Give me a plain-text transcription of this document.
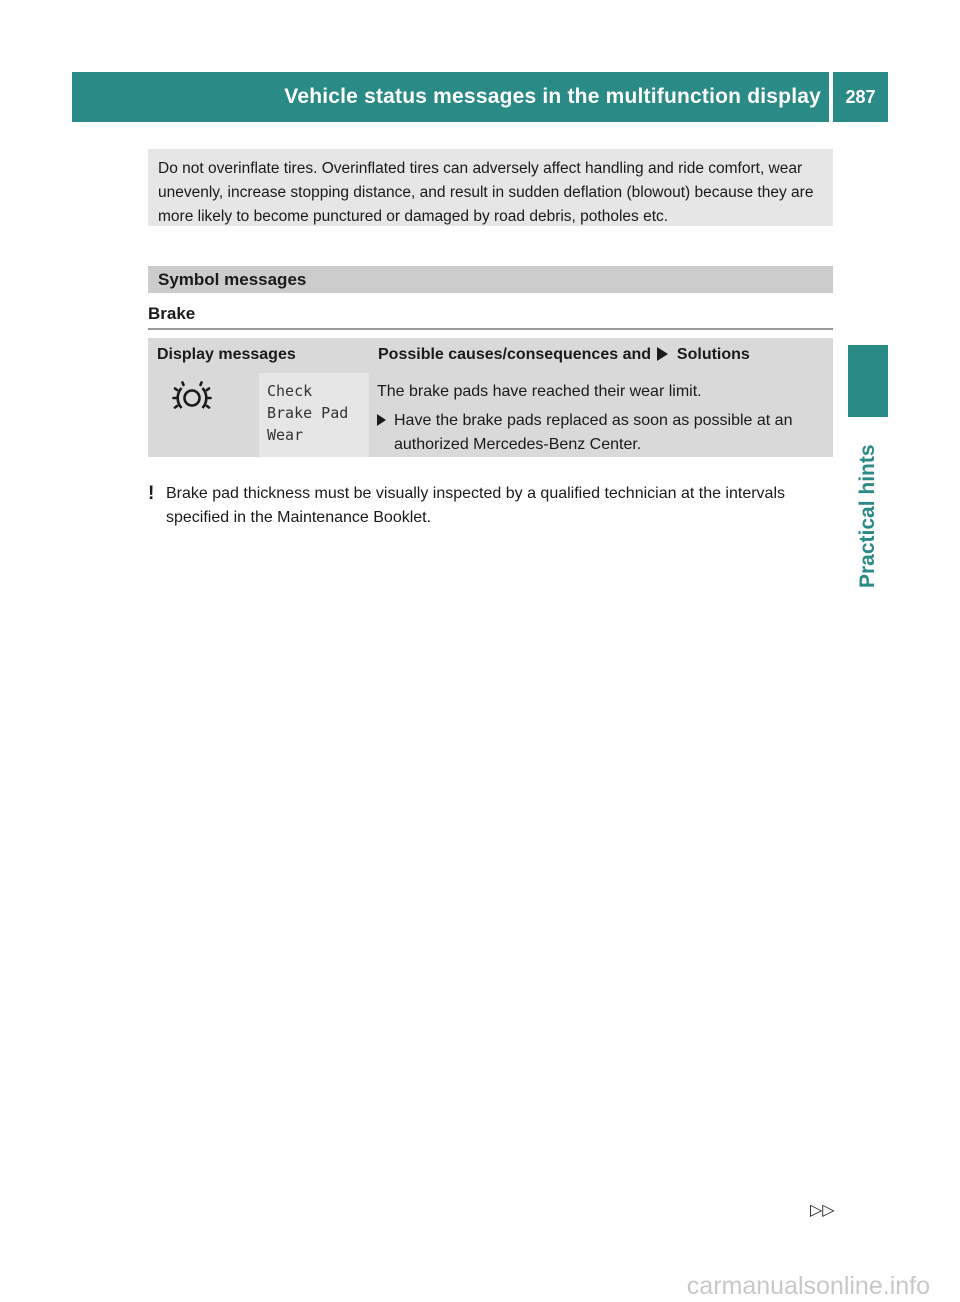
Vehicle status messages in the multifunction display	287
Practical hints
Do not overinflate tires. Overinflated tires can adversely affect handling and ride comfort, wear unevenly, increase stopping distance, and result in sudden deflation (blowout) because they are more likely to become punctured or damaged by road debris, potholes etc.
Symbol messages
Brake
Display messages	Possible causes/consequences and Solutions
Check
Brake Pad
Wear
The brake pads have reached their wear limit.
Have the brake pads replaced as soon as possible at an authorized Mercedes-Benz Center.
! Brake pad thickness must be visually inspected by a qualified technician at the intervals specified in the Maintenance Booklet.
▷▷
carmanualsonline.info
